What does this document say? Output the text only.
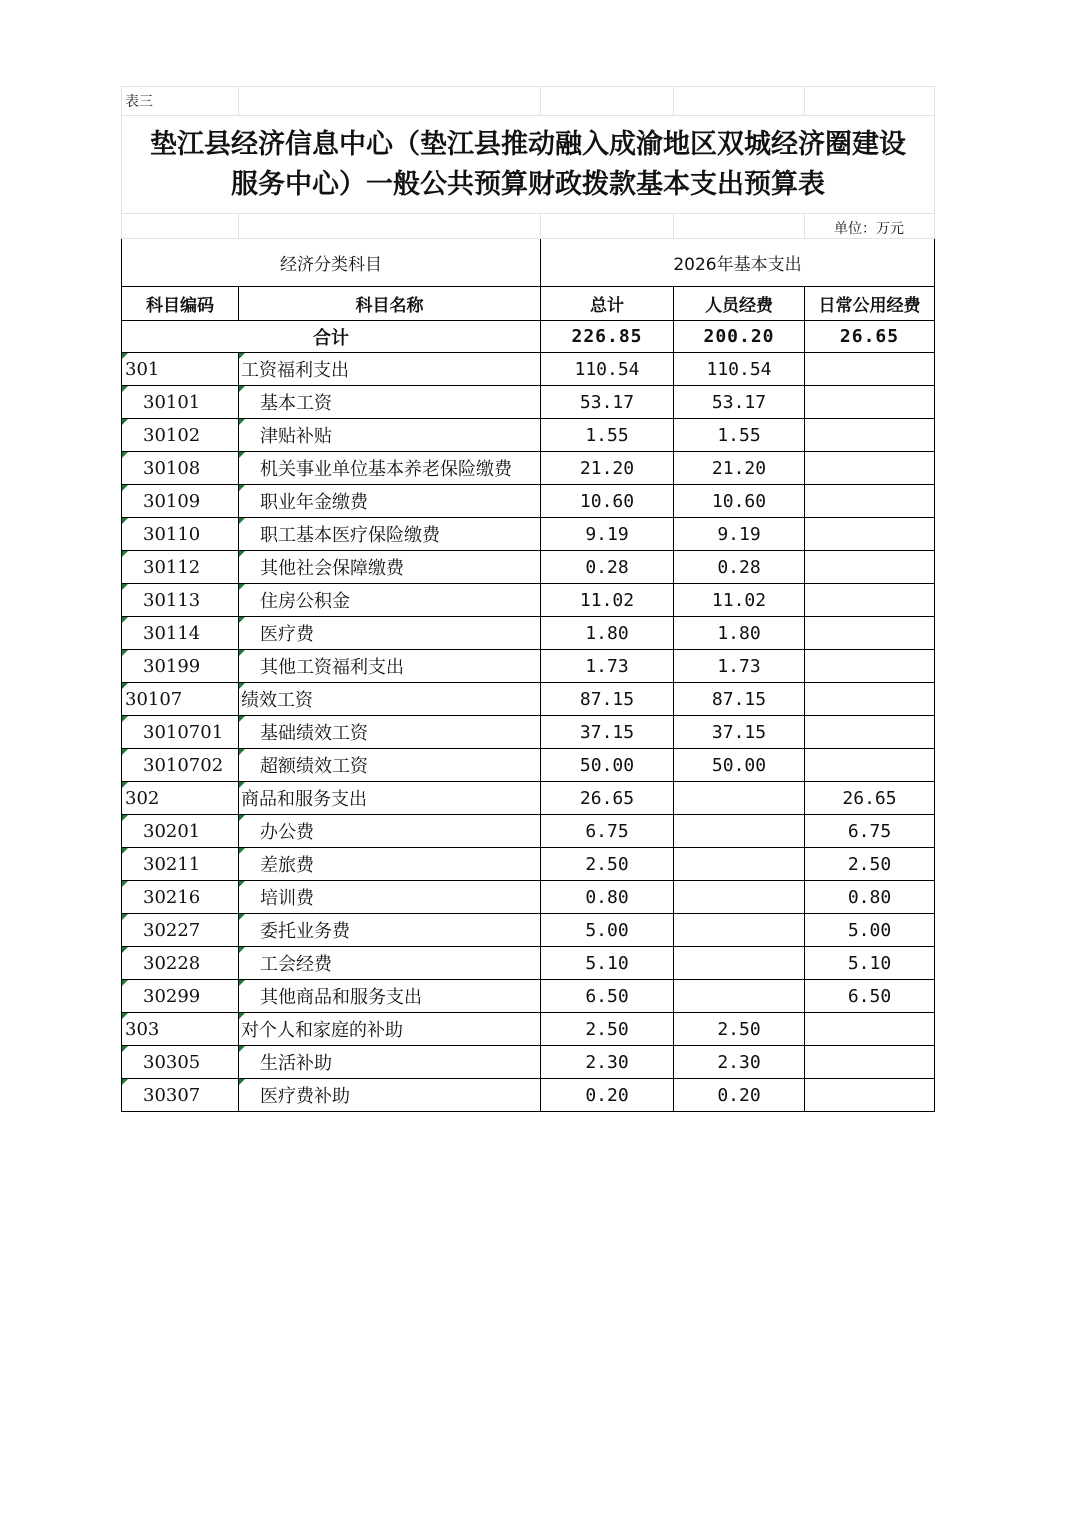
表三				

垫江县经济信息中心（垫江县推动融入成渝地区双城经济圈建设
服务中心）一般公共预算财政拨款基本支出预算表				

				单位：万元
经济分类科目		2026年基本支出		
科目编码	科目名称	总计	人员经费	日常公用经费
合计		226.85	200.20	26.65

301	工资福利支出	110.54	110.54	

30101	基本工资	53.17	53.17	

30102	津贴补贴	1.55	1.55	

30108	机关事业单位基本养老保险缴费	21.20	21.20	

30109	职业年金缴费	10.60	10.60	

30110	职工基本医疗保险缴费	9.19	9.19	

30112	其他社会保障缴费	0.28	0.28	

30113	住房公积金	11.02	11.02	

30114	医疗费	1.80	1.80	

30199	其他工资福利支出	1.73	1.73	

30107	绩效工资	87.15	87.15	

3010701	基础绩效工资	37.15	37.15	

3010702	超额绩效工资	50.00	50.00	

302	商品和服务支出	26.65		26.65

30201	办公费	6.75		6.75

30211	差旅费	2.50		2.50

30216	培训费	0.80		0.80

30227	委托业务费	5.00		5.00

30228	工会经费	5.10		5.10

30299	其他商品和服务支出	6.50		6.50

303	对个人和家庭的补助	2.50	2.50	

30305	生活补助	2.30	2.30	

30307	医疗费补助	0.20	0.20	
